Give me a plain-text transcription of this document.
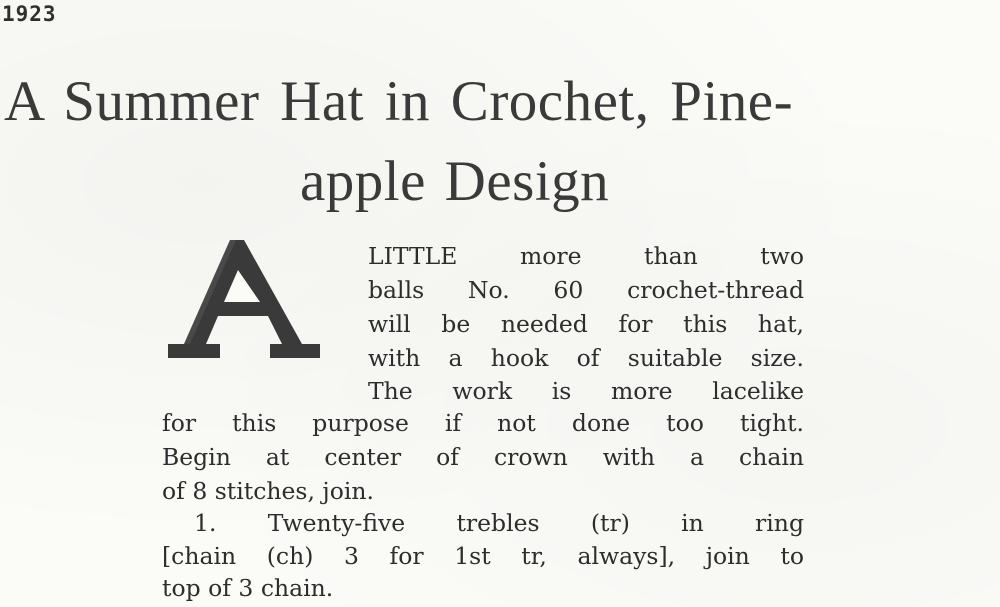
1923
A Summer Hat in Crochet, Pine-
apple Design
LITTLE more than two
balls No. 60 crochet-thread
will be needed for this hat,
with a hook of suitable size.
The work is more lacelike
for this purpose if not done too tight.
Begin at center of crown with a chain
of 8 stitches, join.
1. Twenty-five trebles (tr) in ring
[chain (ch) 3 for 1st tr, always], join to
top of 3 chain.
